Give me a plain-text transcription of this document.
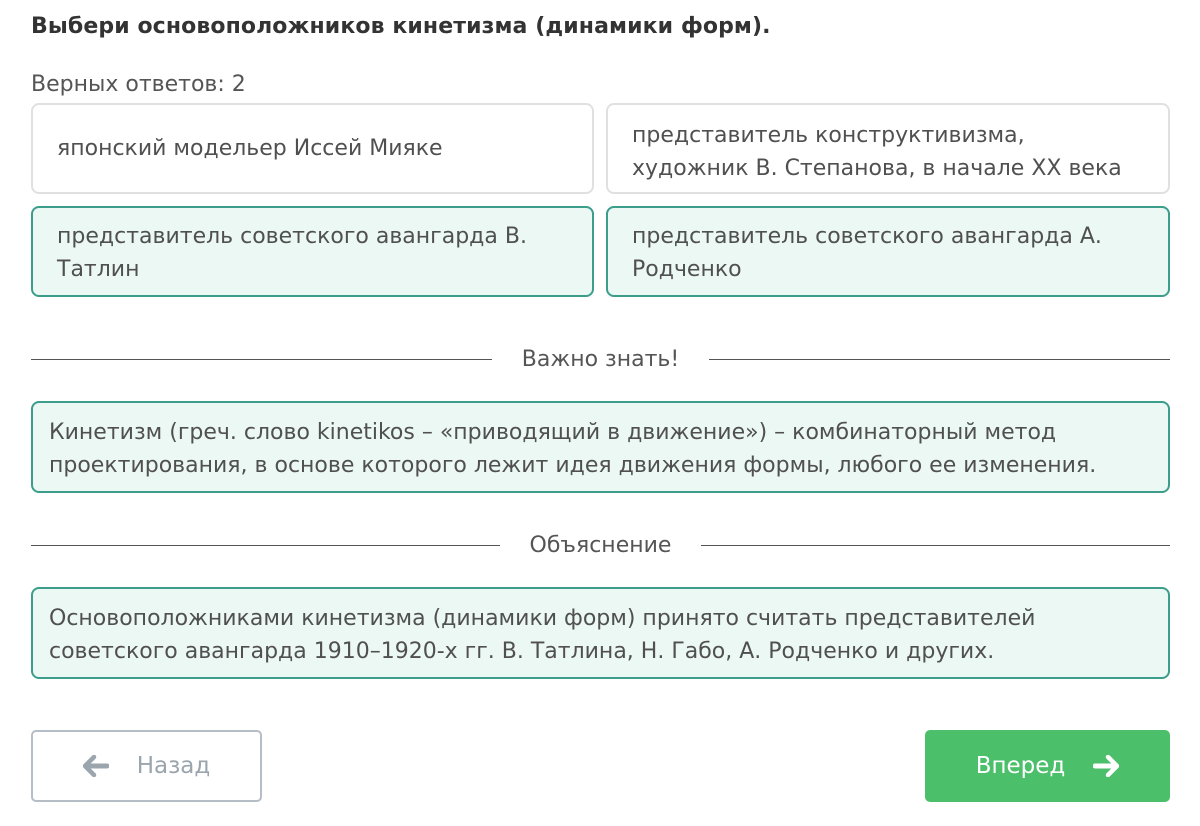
Выбери основоположников кинетизма (динамики форм).
Верных ответов: 2
японский модельер Иссей Мияке
представитель конструктивизма, художник В. Степанова, в начале XX века
представитель советского авангарда В. Татлин
представитель советского авангарда А. Родченко
Важно знать!
Кинетизм (греч. слово kinetikos – «приводящий в движение») – комбинаторный метод проектирования, в основе которого лежит идея движения формы, любого ее изменения.
Объяснение
Основоположниками кинетизма (динамики форм) принято считать представителей советского авангарда 1910–1920-х гг. В. Татлина, Н. Габо, А. Родченко и других.
Назад	Вперед
